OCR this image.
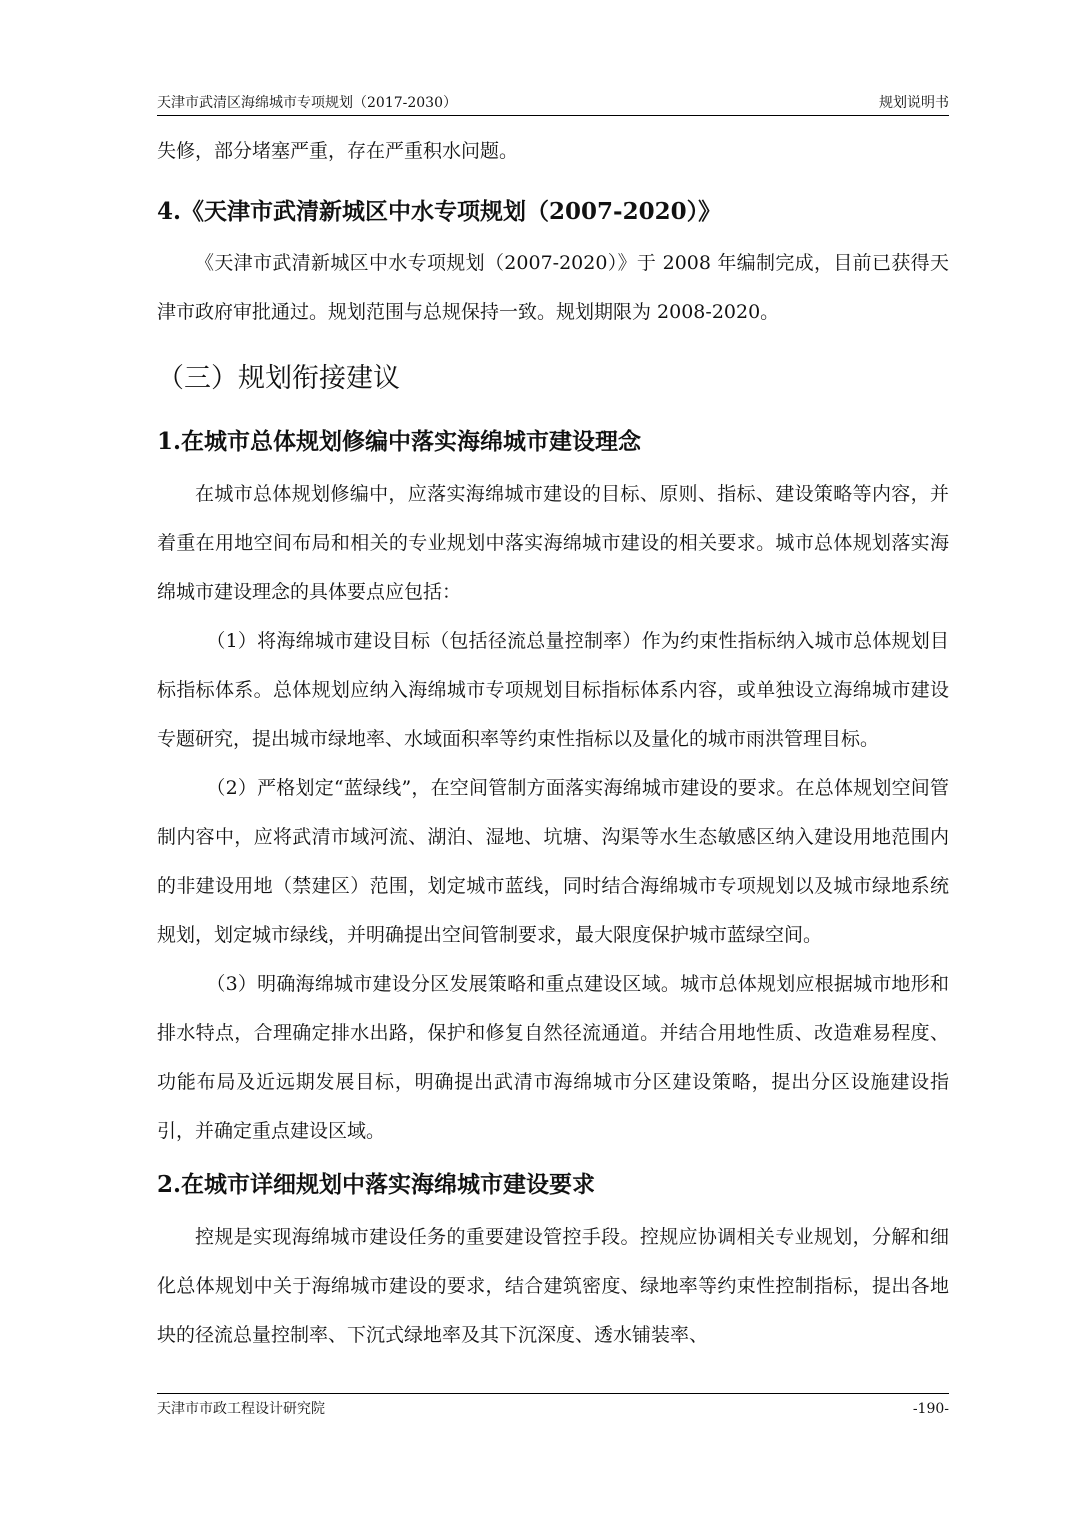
天津市武清区海绵城市专项规划（2017-2030）	规划说明书

失修，部分堵塞严重，存在严重积水问题。

4.《天津市武清新城区中水专项规划（2007-2020）》

《天津市武清新城区中水专项规划（2007-2020）》于 2008 年编制完成，目前已获得天津市政府审批通过。规划范围与总规保持一致。规划期限为 2008-2020。

（三）规划衔接建议
1.在城市总体规划修编中落实海绵城市建设理念

在城市总体规划修编中，应落实海绵城市建设的目标、原则、指标、建设策略等内容，并着重在用地空间布局和相关的专业规划中落实海绵城市建设的相关要求。城市总体规划落实海绵城市建设理念的具体要点应包括：

（1）将海绵城市建设目标（包括径流总量控制率）作为约束性指标纳入城市总体规划目标指标体系。总体规划应纳入海绵城市专项规划目标指标体系内容，或单独设立海绵城市建设专题研究，提出城市绿地率、水域面积率等约束性指标以及量化的城市雨洪管理目标。

（2）严格划定“蓝绿线”，在空间管制方面落实海绵城市建设的要求。在总体规划空间管制内容中，应将武清市域河流、湖泊、湿地、坑塘、沟渠等水生态敏感区纳入建设用地范围内的非建设用地（禁建区）范围，划定城市蓝线，同时结合海绵城市专项规划以及城市绿地系统规划，划定城市绿线，并明确提出空间管制要求，最大限度保护城市蓝绿空间。

（3）明确海绵城市建设分区发展策略和重点建设区域。城市总体规划应根据城市地形和排水特点，合理确定排水出路，保护和修复自然径流通道。并结合用地性质、改造难易程度、功能布局及近远期发展目标，明确提出武清市海绵城市分区建设策略，提出分区设施建设指引，并确定重点建设区域。

2.在城市详细规划中落实海绵城市建设要求

控规是实现海绵城市建设任务的重要建设管控手段。控规应协调相关专业规划，分解和细化总体规划中关于海绵城市建设的要求，结合建筑密度、绿地率等约束性控制指标，提出各地块的径流总量控制率、下沉式绿地率及其下沉深度、透水铺装率、

天津市市政工程设计研究院	-190-
